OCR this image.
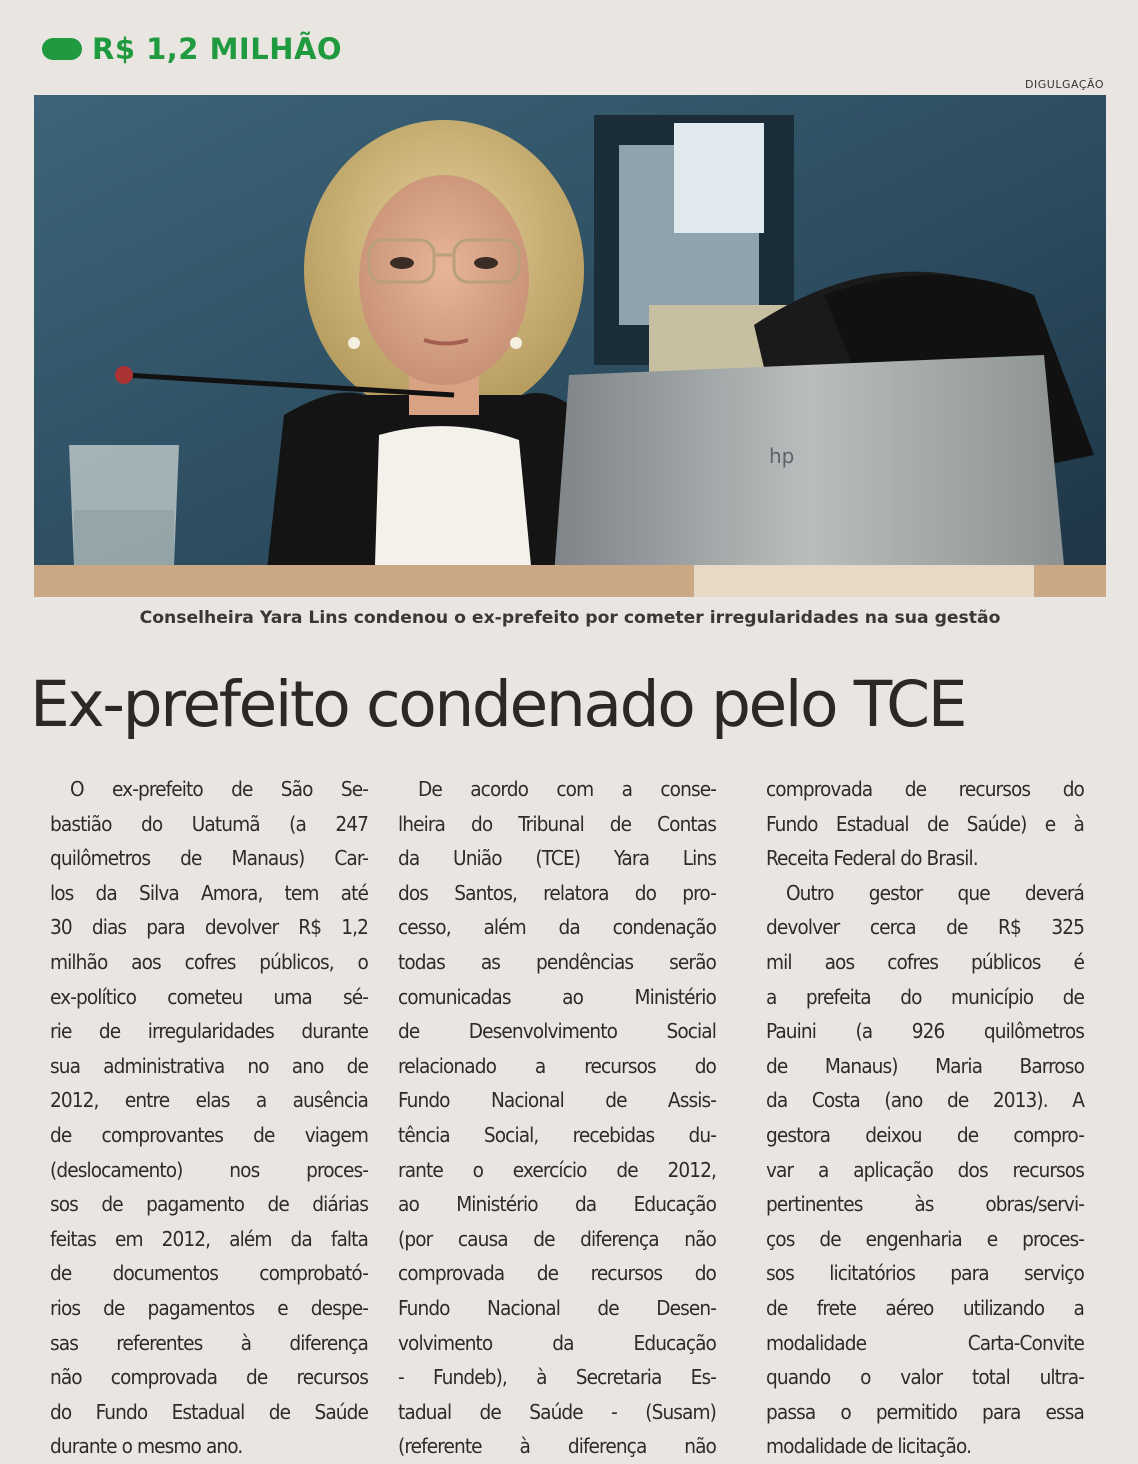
R$ 1,2 MILHÃO
DIGULGAÇÃO
hp
Conselheira Yara Lins condenou o ex-prefeito por cometer irregularidades na sua gestão
Ex-prefeito condenado pelo TCE
O ex-prefeito de São Se-
bastião do Uatumã (a 247
quilômetros de Manaus) Car-
los da Silva Amora, tem até
30 dias para devolver R$ 1,2
milhão aos cofres públicos, o
ex-político cometeu uma sé-
rie de irregularidades durante
sua administrativa no ano de
2012, entre elas a ausência
de comprovantes de viagem
(deslocamento) nos proces-
sos de pagamento de diárias
feitas em 2012, além da falta
de documentos comprobató-
rios de pagamentos e despe-
sas referentes à diferença
não comprovada de recursos
do Fundo Estadual de Saúde
durante o mesmo ano.
De acordo com a conse-
lheira do Tribunal de Contas
da União (TCE) Yara Lins
dos Santos, relatora do pro-
cesso, além da condenação
todas as pendências serão
comunicadas ao Ministério
de Desenvolvimento Social
relacionado a recursos do
Fundo Nacional de Assis-
tência Social, recebidas du-
rante o exercício de 2012,
ao Ministério da Educação
(por causa de diferença não
comprovada de recursos do
Fundo Nacional de Desen-
volvimento da Educação
- Fundeb), à Secretaria Es-
tadual de Saúde - (Susam)
(referente à diferença não
comprovada de recursos do
Fundo Estadual de Saúde) e à
Receita Federal do Brasil.
Outro gestor que deverá
devolver cerca de R$ 325
mil aos cofres públicos é
a prefeita do município de
Pauini (a 926 quilômetros
de Manaus) Maria Barroso
da Costa (ano de 2013). A
gestora deixou de compro-
var a aplicação dos recursos
pertinentes às obras/servi-
ços de engenharia e proces-
sos licitatórios para serviço
de frete aéreo utilizando a
modalidade Carta-Convite
quando o valor total ultra-
passa o permitido para essa
modalidade de licitação.
